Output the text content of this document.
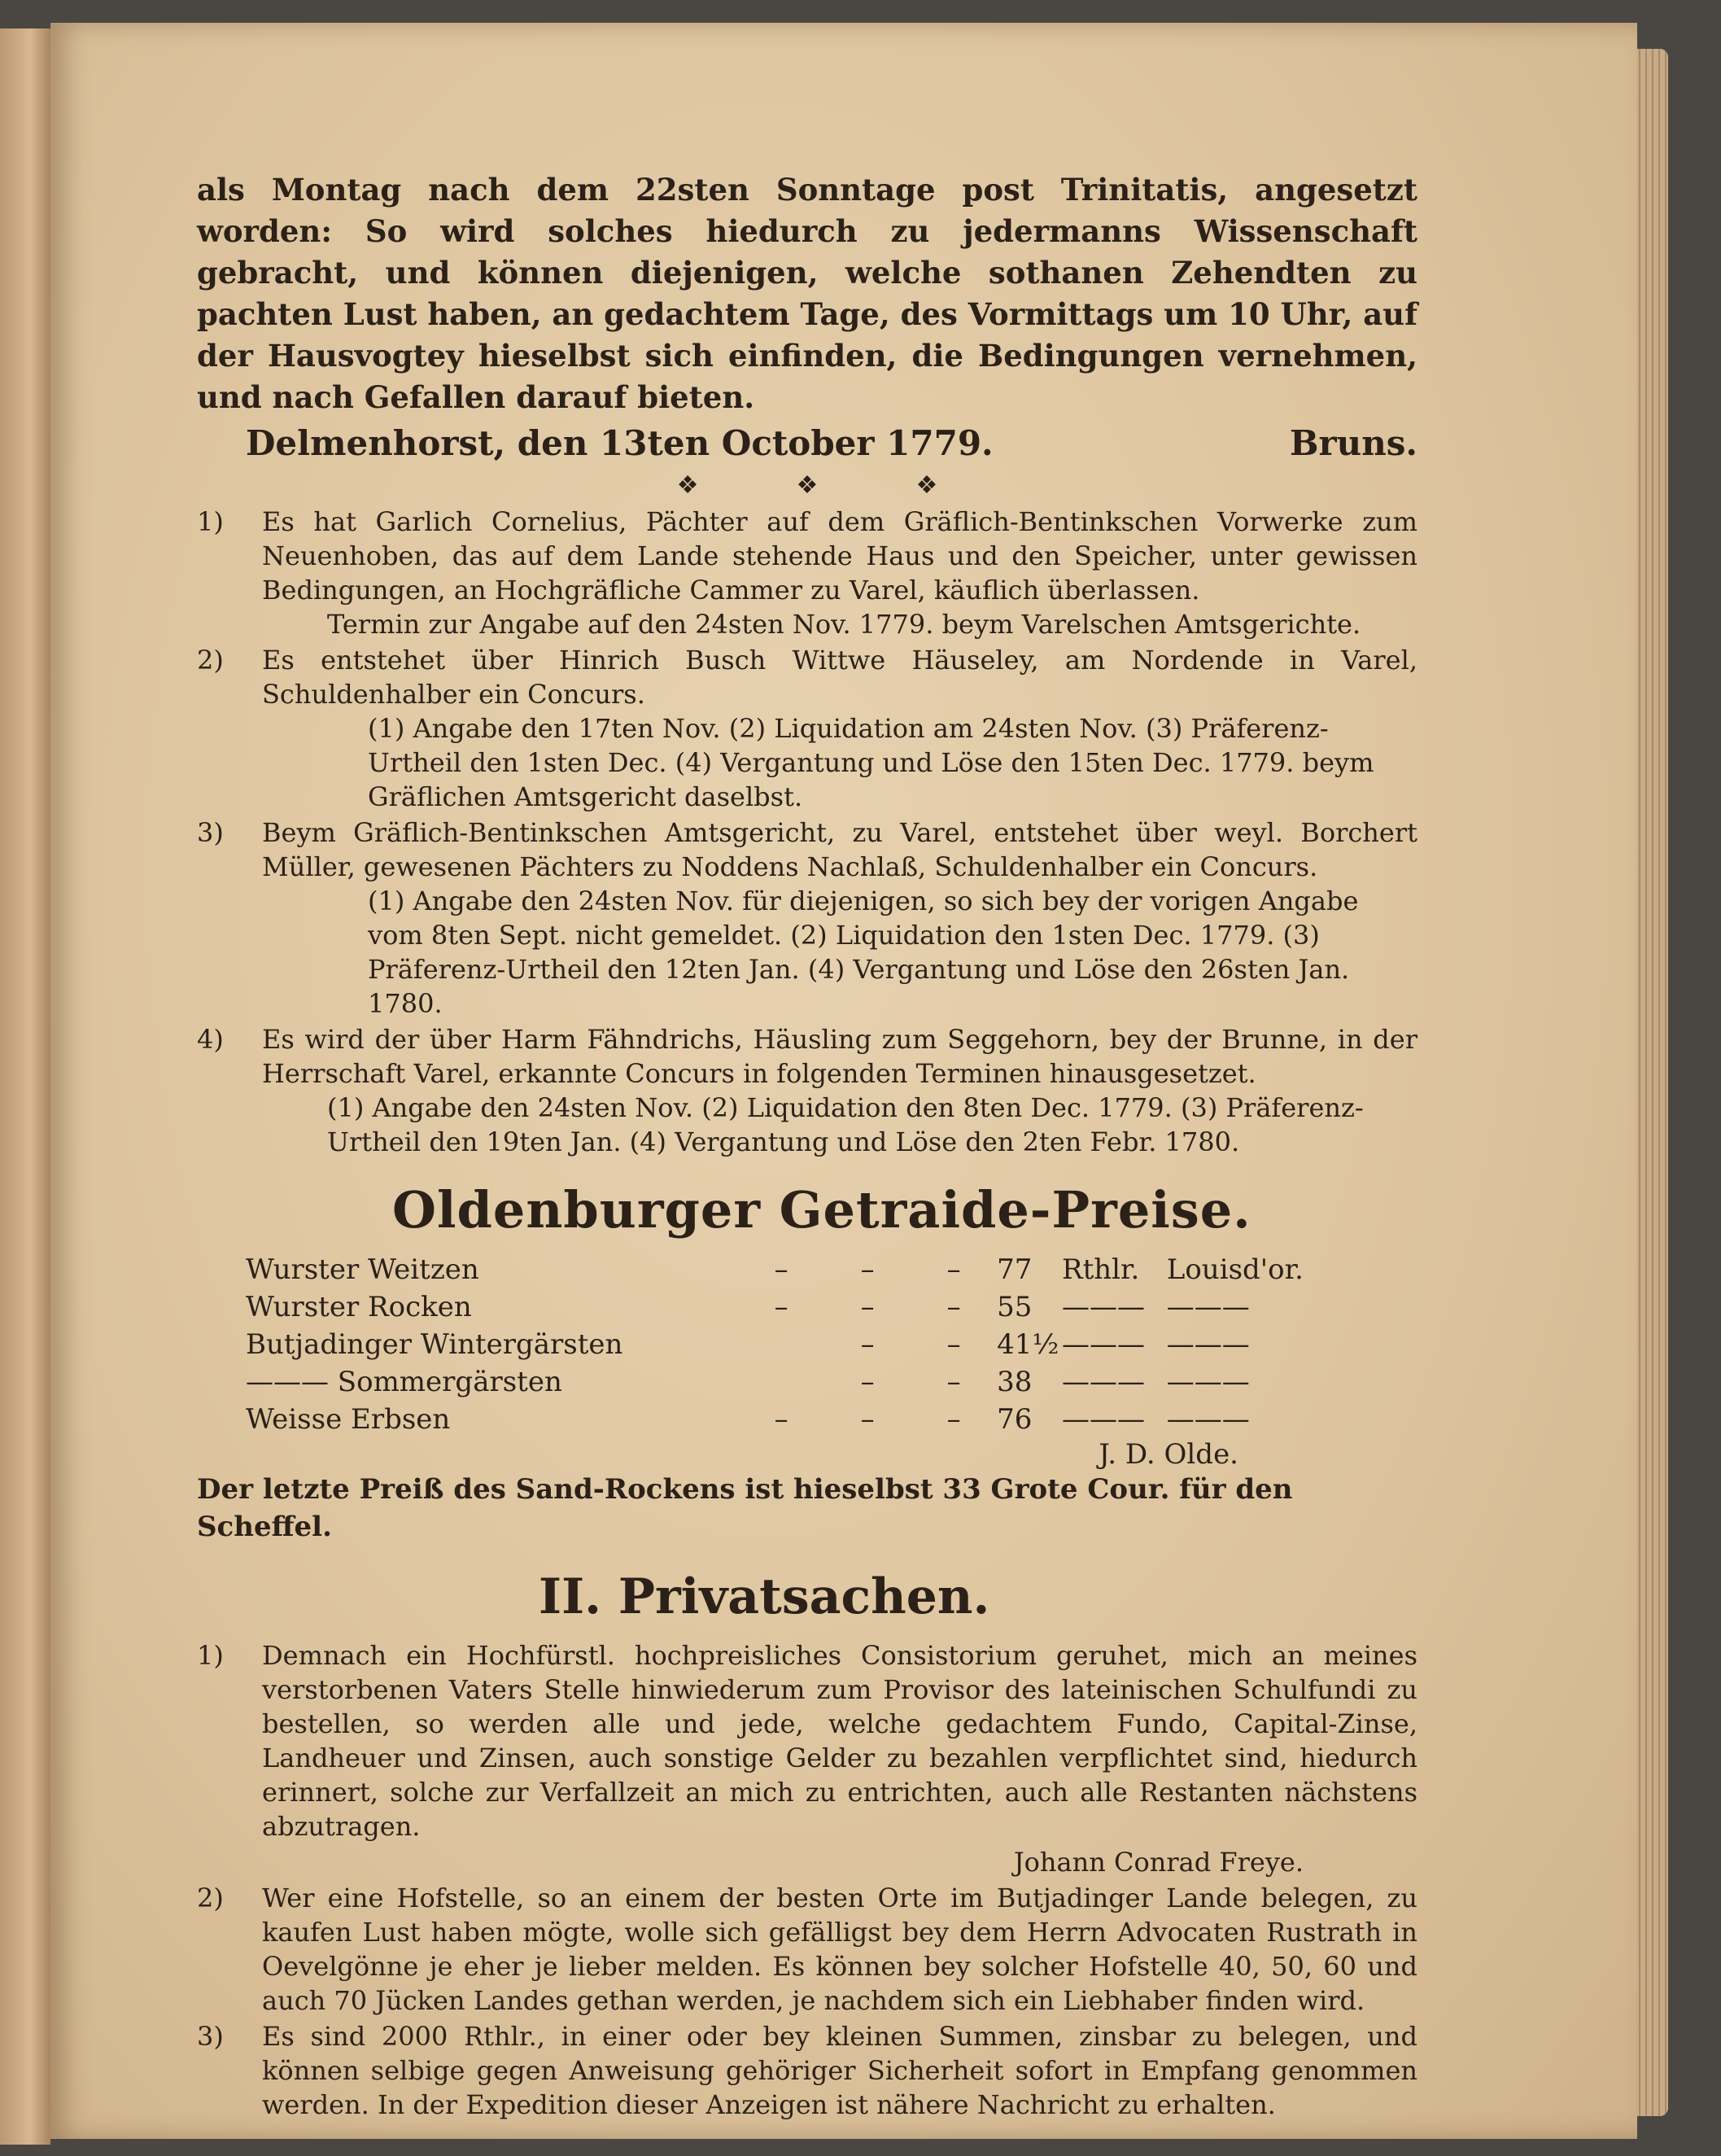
als Montag nach dem 22sten Sonntage post Trinitatis, angesetzt worden: So wird solches hiedurch zu jedermanns Wissenschaft gebracht, und können diejenigen, welche sothanen Zehendten zu pachten Lust haben, an gedachtem Tage, des Vormittags um 10 Uhr, auf der Hausvogtey hieselbst sich einfinden, die Bedingungen vernehmen, und nach Gefallen darauf bieten.

Delmenhorst, den 13ten October 1779.	Bruns.
❖	❖	❖
1)	Es hat Garlich Cornelius, Pächter auf dem Gräflich-Bentinkschen Vorwerke zum Neuenhoben, das auf dem Lande stehende Haus und den Speicher, unter gewissen Bedingungen, an Hochgräfliche Cammer zu Varel, käuflich überlassen.
Termin zur Angabe auf den 24sten Nov. 1779. beym Varelschen Amtsgerichte.
2)	Es entstehet über Hinrich Busch Wittwe Häuseley, am Nordende in Varel, Schuldenhalber ein Concurs.
(1) Angabe den 17ten Nov. (2) Liquidation am 24sten Nov. (3) Präferenz-Urtheil den 1sten Dec. (4) Vergantung und Löse den 15ten Dec. 1779. beym Gräflichen Amtsgericht daselbst.
3)	Beym Gräflich-Bentinkschen Amtsgericht, zu Varel, entstehet über weyl. Borchert Müller, gewesenen Pächters zu Noddens Nachlaß, Schuldenhalber ein Concurs.
(1) Angabe den 24sten Nov. für diejenigen, so sich bey der vorigen Angabe vom 8ten Sept. nicht gemeldet. (2) Liquidation den 1sten Dec. 1779. (3) Präferenz-Urtheil den 12ten Jan. (4) Vergantung und Löse den 26sten Jan. 1780.
4)	Es wird der über Harm Fähndrichs, Häusling zum Seggehorn, bey der Brunne, in der Herrschaft Varel, erkannte Concurs in folgenden Terminen hinausgesetzet.
(1) Angabe den 24sten Nov. (2) Liquidation den 8ten Dec. 1779. (3) Präferenz-Urtheil den 19ten Jan. (4) Vergantung und Löse den 2ten Febr. 1780.
Oldenburger Getraide-Preise.
Wurster Weitzen	–	–	–	77	Rthlr.	Louisd'or.
Wurster Rocken	–	–	–	55	———	———
Butjadinger Wintergärsten		–	–	41½	———	———
——— Sommergärsten		–	–	38	———	———
Weisse Erbsen	–	–	–	76	———	———
J. D. Olde.
Der letzte Preiß des Sand-Rockens ist hieselbst 33 Grote Cour. für den Scheffel.
II. Privatsachen.
1)	Demnach ein Hochfürstl. hochpreisliches Consistorium geruhet, mich an meines verstorbenen Vaters Stelle hinwiederum zum Provisor des lateinischen Schulfundi zu bestellen, so werden alle und jede, welche gedachtem Fundo, Capital-Zinse, Landheuer und Zinsen, auch sonstige Gelder zu bezahlen verpflichtet sind, hiedurch erinnert, solche zur Verfallzeit an mich zu entrichten, auch alle Restanten nächstens abzutragen.
Johann Conrad Freye.
2)	Wer eine Hofstelle, so an einem der besten Orte im Butjadinger Lande belegen, zu kaufen Lust haben mögte, wolle sich gefälligst bey dem Herrn Advocaten Rustrath in Oevelgönne je eher je lieber melden. Es können bey solcher Hofstelle 40, 50, 60 und auch 70 Jücken Landes gethan werden, je nachdem sich ein Liebhaber finden wird.
3)	Es sind 2000 Rthlr., in einer oder bey kleinen Summen, zinsbar zu belegen, und können selbige gegen Anweisung gehöriger Sicherheit sofort in Empfang genommen werden. In der Expedition dieser Anzeigen ist nähere Nachricht zu erhalten.
